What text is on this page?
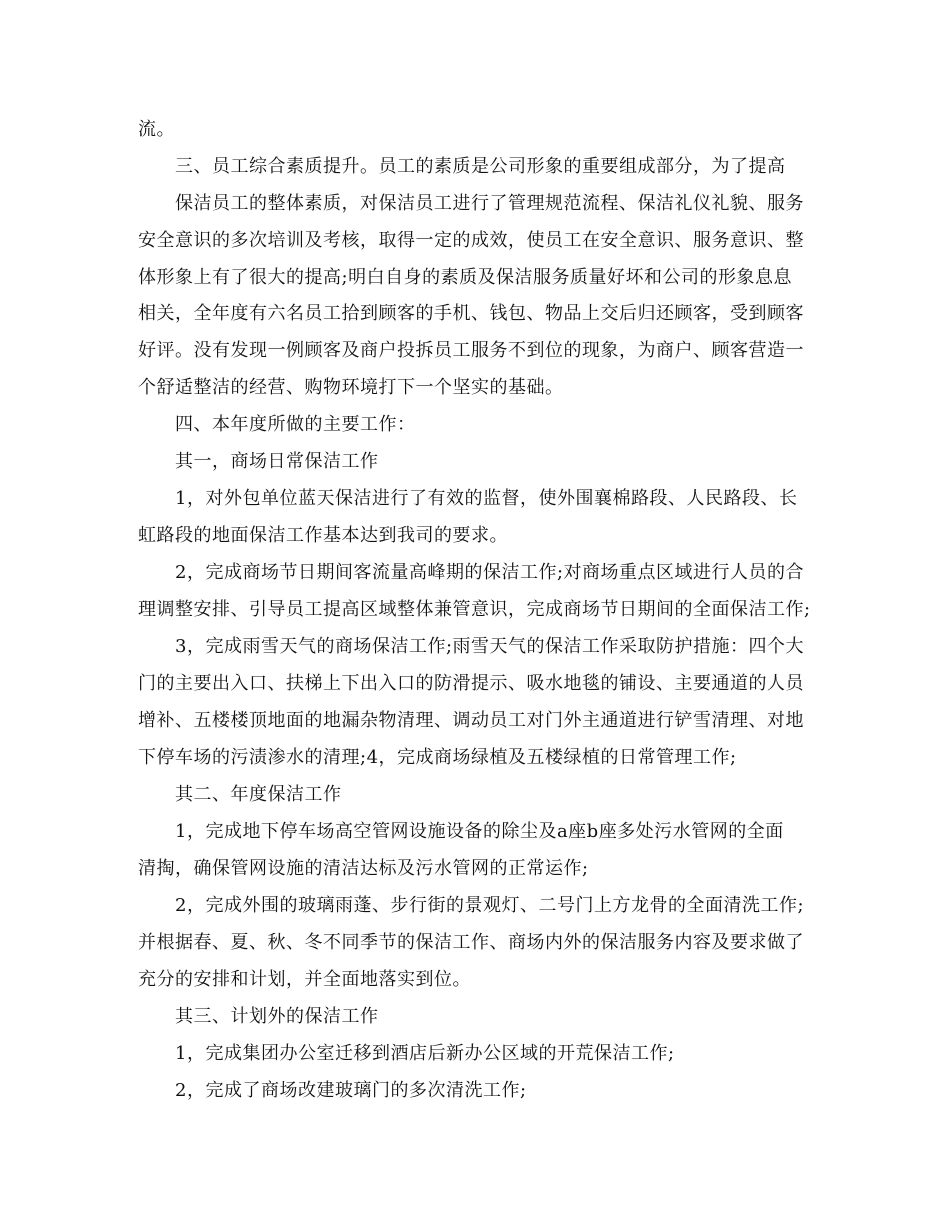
流。

三、员工综合素质提升。员工的素质是公司形象的重要组成部分，为了提高

保洁员工的整体素质，对保洁员工进行了管理规范流程、保洁礼仪礼貌、服务

安全意识的多次培训及考核，取得一定的成效，使员工在安全意识、服务意识、整

体形象上有了很大的提高;明白自身的素质及保洁服务质量好坏和公司的形象息息

相关，全年度有六名员工拾到顾客的手机、钱包、物品上交后归还顾客，受到顾客

好评。没有发现一例顾客及商户投拆员工服务不到位的现象，为商户、顾客营造一

个舒适整洁的经营、购物环境打下一个坚实的基础。

四、本年度所做的主要工作：

其一，商场日常保洁工作

1，对外包单位蓝天保洁进行了有效的监督，使外围襄棉路段、人民路段、长

虹路段的地面保洁工作基本达到我司的要求。

2，完成商场节日期间客流量高峰期的保洁工作;对商场重点区域进行人员的合

理调整安排、引导员工提高区域整体兼管意识，完成商场节日期间的全面保洁工作;

3，完成雨雪天气的商场保洁工作;雨雪天气的保洁工作采取防护措施：四个大

门的主要出入口、扶梯上下出入口的防滑提示、吸水地毯的铺设、主要通道的人员

增补、五楼楼顶地面的地漏杂物清理、调动员工对门外主通道进行铲雪清理、对地

下停车场的污渍渗水的清理;4，完成商场绿植及五楼绿植的日常管理工作;

其二、年度保洁工作

1，完成地下停车场高空管网设施设备的除尘及a座b座多处污水管网的全面

清掏，确保管网设施的清洁达标及污水管网的正常运作;

2，完成外围的玻璃雨蓬、步行街的景观灯、二号门上方龙骨的全面清洗工作;

并根据春、夏、秋、冬不同季节的保洁工作、商场内外的保洁服务内容及要求做了

充分的安排和计划，并全面地落实到位。

其三、计划外的保洁工作

1，完成集团办公室迁移到酒店后新办公区域的开荒保洁工作;

2，完成了商场改建玻璃门的多次清洗工作;
